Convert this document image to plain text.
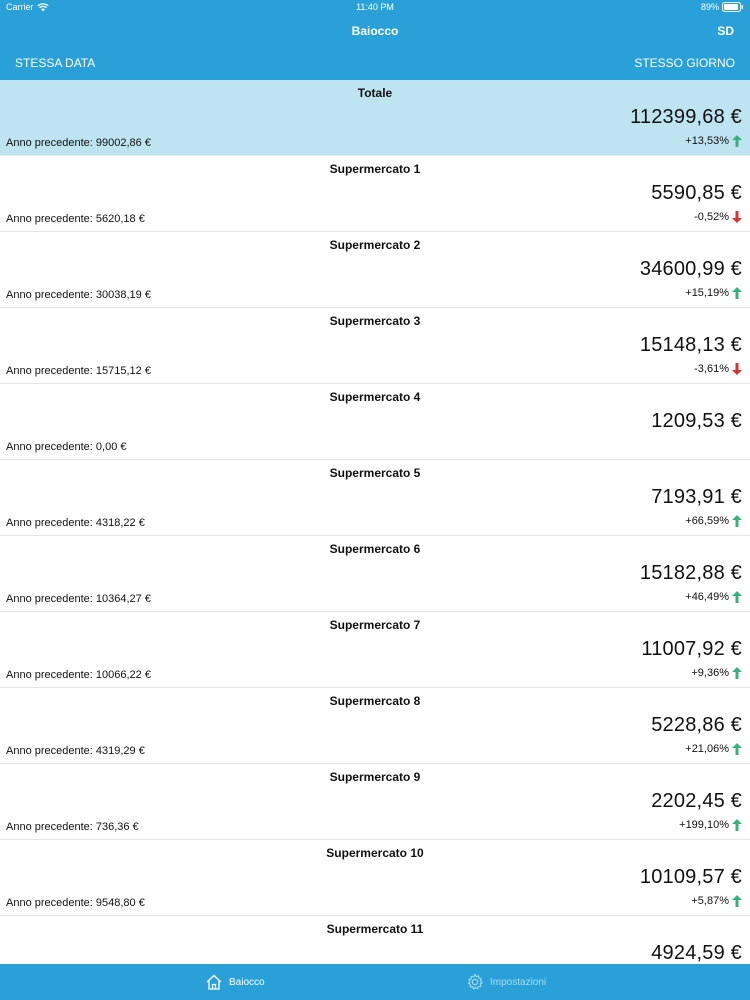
Carrier	11:40 PM	89%
Baiocco	SD
STESSA DATA	STESSO GIORNO
Totale
112399,68 €
Anno precedente: 99002,86 €	+13,53%
Supermercato 1
5590,85 €
Anno precedente: 5620,18 €	-0,52%
Supermercato 2
34600,99 €
Anno precedente: 30038,19 €	+15,19%
Supermercato 3
15148,13 €
Anno precedente: 15715,12 €	-3,61%
Supermercato 4
1209,53 €
Anno precedente: 0,00 €
Supermercato 5
7193,91 €
Anno precedente: 4318,22 €	+66,59%
Supermercato 6
15182,88 €
Anno precedente: 10364,27 €	+46,49%
Supermercato 7
11007,92 €
Anno precedente: 10066,22 €	+9,36%
Supermercato 8
5228,86 €
Anno precedente: 4319,29 €	+21,06%
Supermercato 9
2202,45 €
Anno precedente: 736,36 €	+199,10%
Supermercato 10
10109,57 €
Anno precedente: 9548,80 €	+5,87%
Supermercato 11
4924,59 €
Baiocco	Impostazioni
